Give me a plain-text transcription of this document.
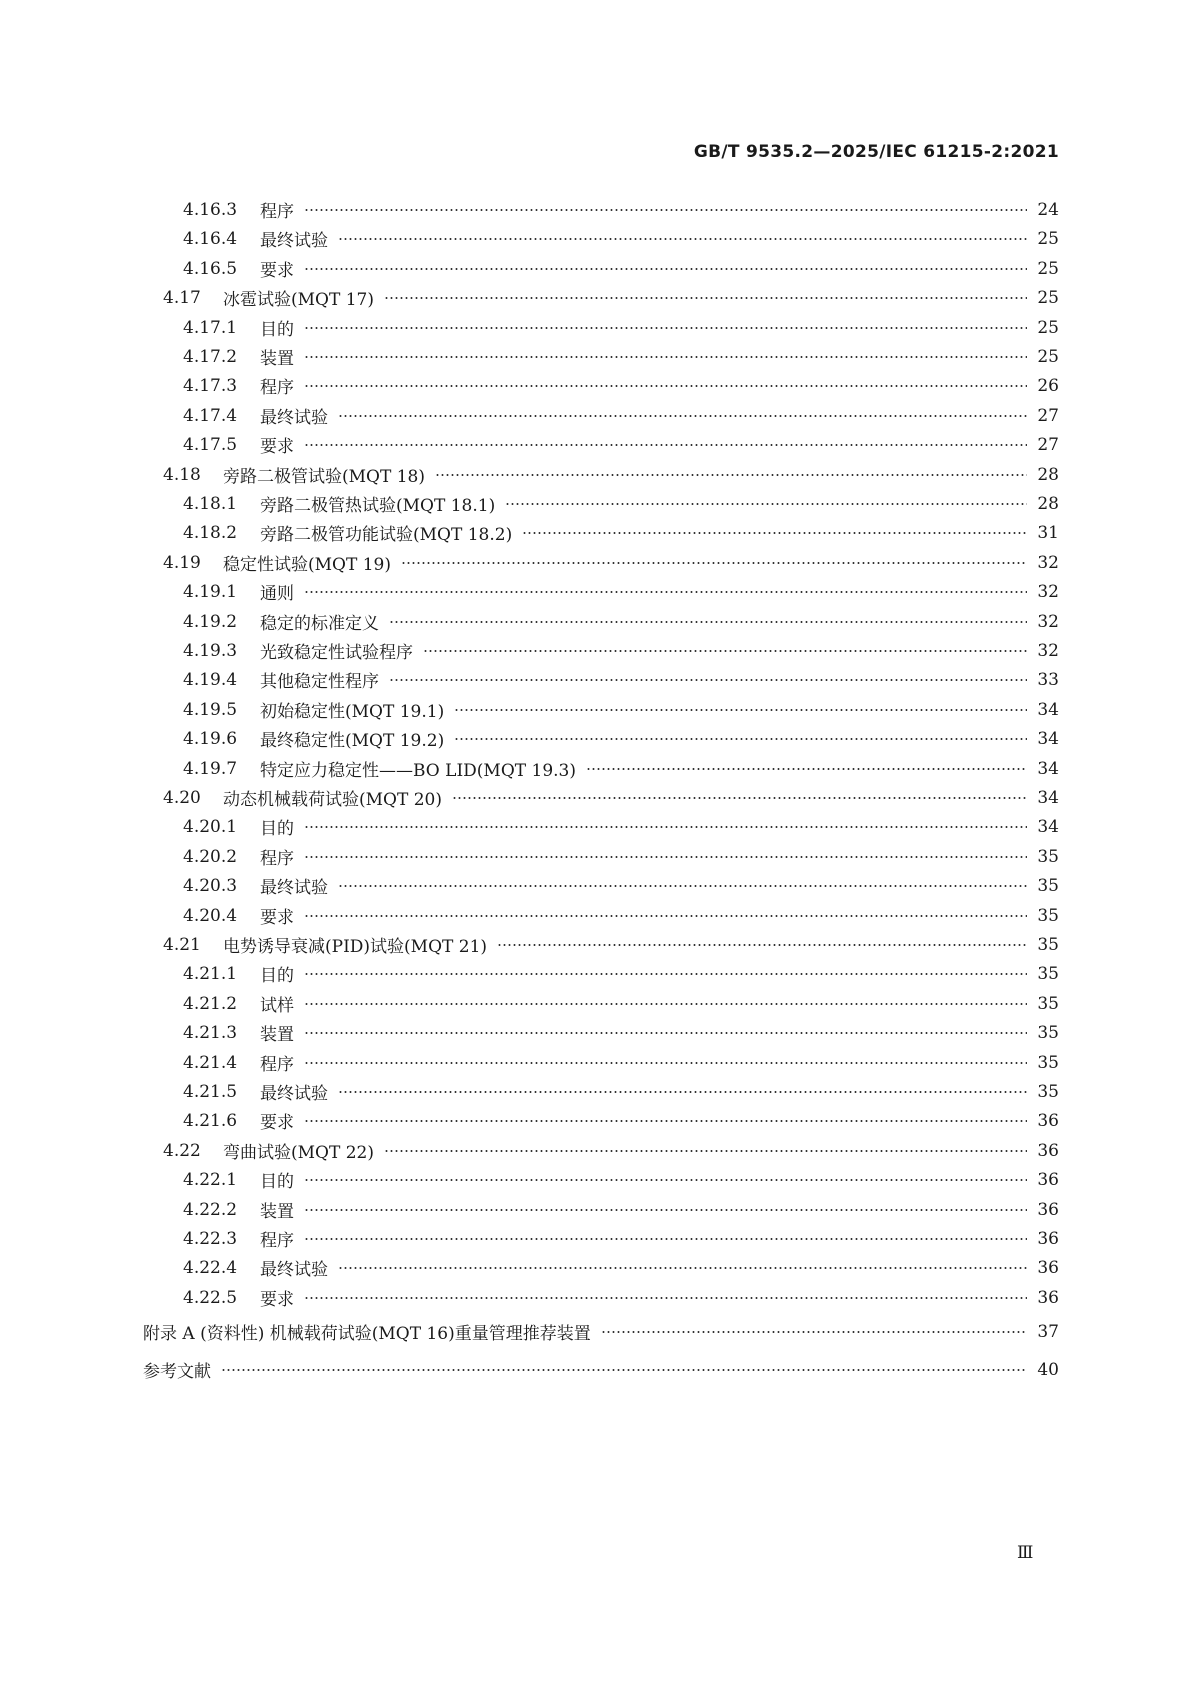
GB/T 9535.2—2025/IEC 61215-2:2021
4.16.3	程序	24
4.16.4	最终试验	25
4.16.5	要求	25
4.17	冰雹试验(MQT 17)	25
4.17.1	目的	25
4.17.2	装置	25
4.17.3	程序	26
4.17.4	最终试验	27
4.17.5	要求	27
4.18	旁路二极管试验(MQT 18)	28
4.18.1	旁路二极管热试验(MQT 18.1)	28
4.18.2	旁路二极管功能试验(MQT 18.2)	31
4.19	稳定性试验(MQT 19)	32
4.19.1	通则	32
4.19.2	稳定的标准定义	32
4.19.3	光致稳定性试验程序	32
4.19.4	其他稳定性程序	33
4.19.5	初始稳定性(MQT 19.1)	34
4.19.6	最终稳定性(MQT 19.2)	34
4.19.7	特定应力稳定性——BO LID(MQT 19.3)	34
4.20	动态机械载荷试验(MQT 20)	34
4.20.1	目的	34
4.20.2	程序	35
4.20.3	最终试验	35
4.20.4	要求	35
4.21	电势诱导衰减(PID)试验(MQT 21)	35
4.21.1	目的	35
4.21.2	试样	35
4.21.3	装置	35
4.21.4	程序	35
4.21.5	最终试验	35
4.21.6	要求	36
4.22	弯曲试验(MQT 22)	36
4.22.1	目的	36
4.22.2	装置	36
4.22.3	程序	36
4.22.4	最终试验	36
4.22.5	要求	36
附录 A (资料性) 机械载荷试验(MQT 16)重量管理推荐装置	37
参考文献	40
Ⅲ
